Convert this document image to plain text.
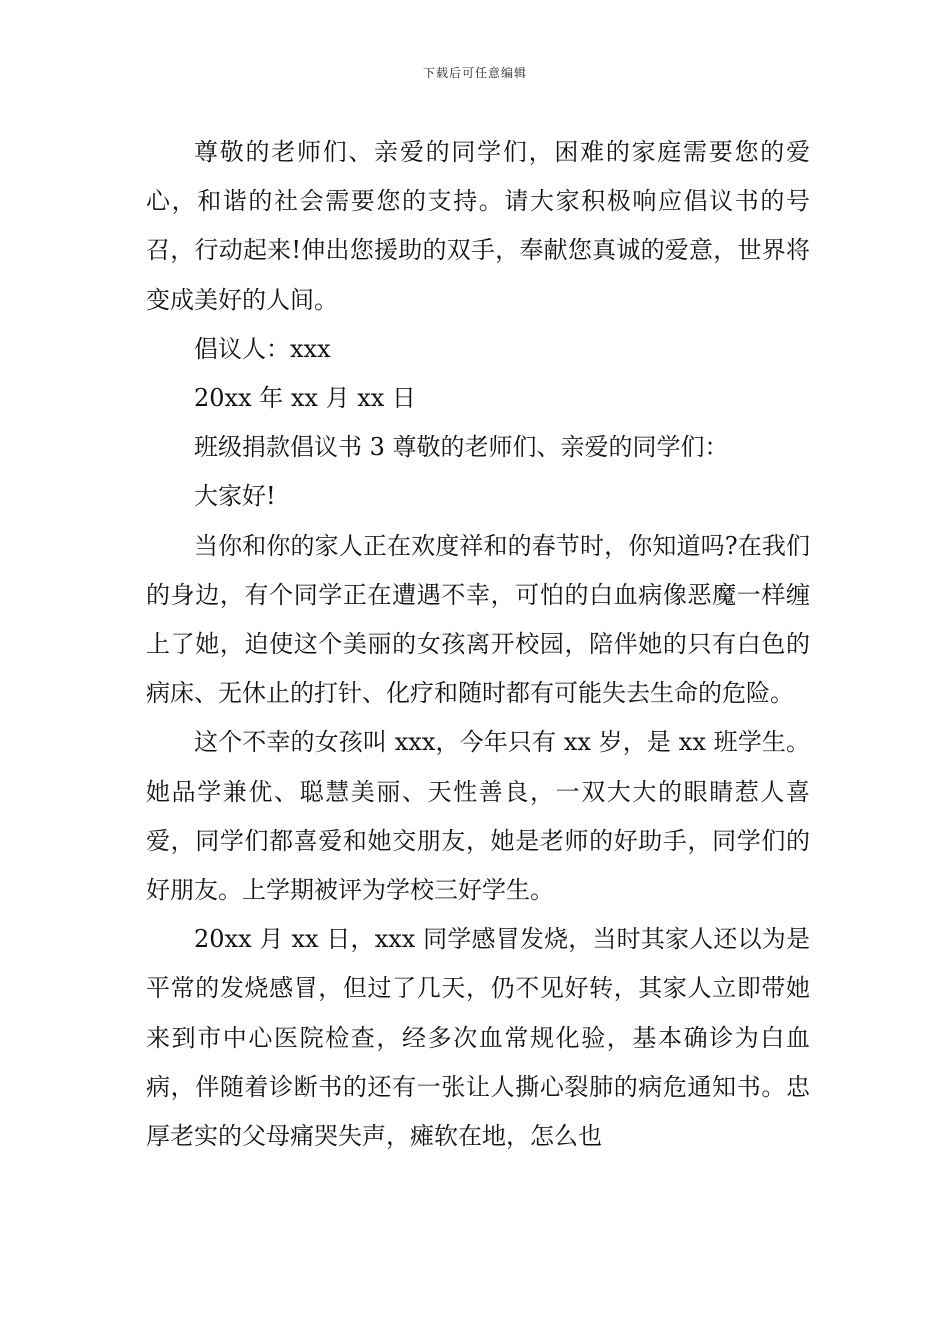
下载后可任意编辑

尊敬的老师们、亲爱的同学们，困难的家庭需要您的爱心，和谐的社会需要您的支持。请大家积极响应倡议书的号召，行动起来!伸出您援助的双手，奉献您真诚的爱意，世界将变成美好的人间。

倡议人：xxx

20xx 年 xx 月 xx 日

班级捐款倡议书 3 尊敬的老师们、亲爱的同学们：

大家好!

当你和你的家人正在欢度祥和的春节时，你知道吗?在我们的身边，有个同学正在遭遇不幸，可怕的白血病像恶魔一样缠上了她，迫使这个美丽的女孩离开校园，陪伴她的只有白色的病床、无休止的打针、化疗和随时都有可能失去生命的危险。

这个不幸的女孩叫 xxx，今年只有 xx 岁，是 xx 班学生。她品学兼优、聪慧美丽、天性善良，一双大大的眼睛惹人喜爱，同学们都喜爱和她交朋友，她是老师的好助手，同学们的好朋友。上学期被评为学校三好学生。

20xx 月 xx 日，xxx 同学感冒发烧，当时其家人还以为是平常的发烧感冒，但过了几天，仍不见好转，其家人立即带她来到市中心医院检查，经多次血常规化验，基本确诊为白血病，伴随着诊断书的还有一张让人撕心裂肺的病危通知书。忠厚老实的父母痛哭失声，瘫软在地，怎么也
